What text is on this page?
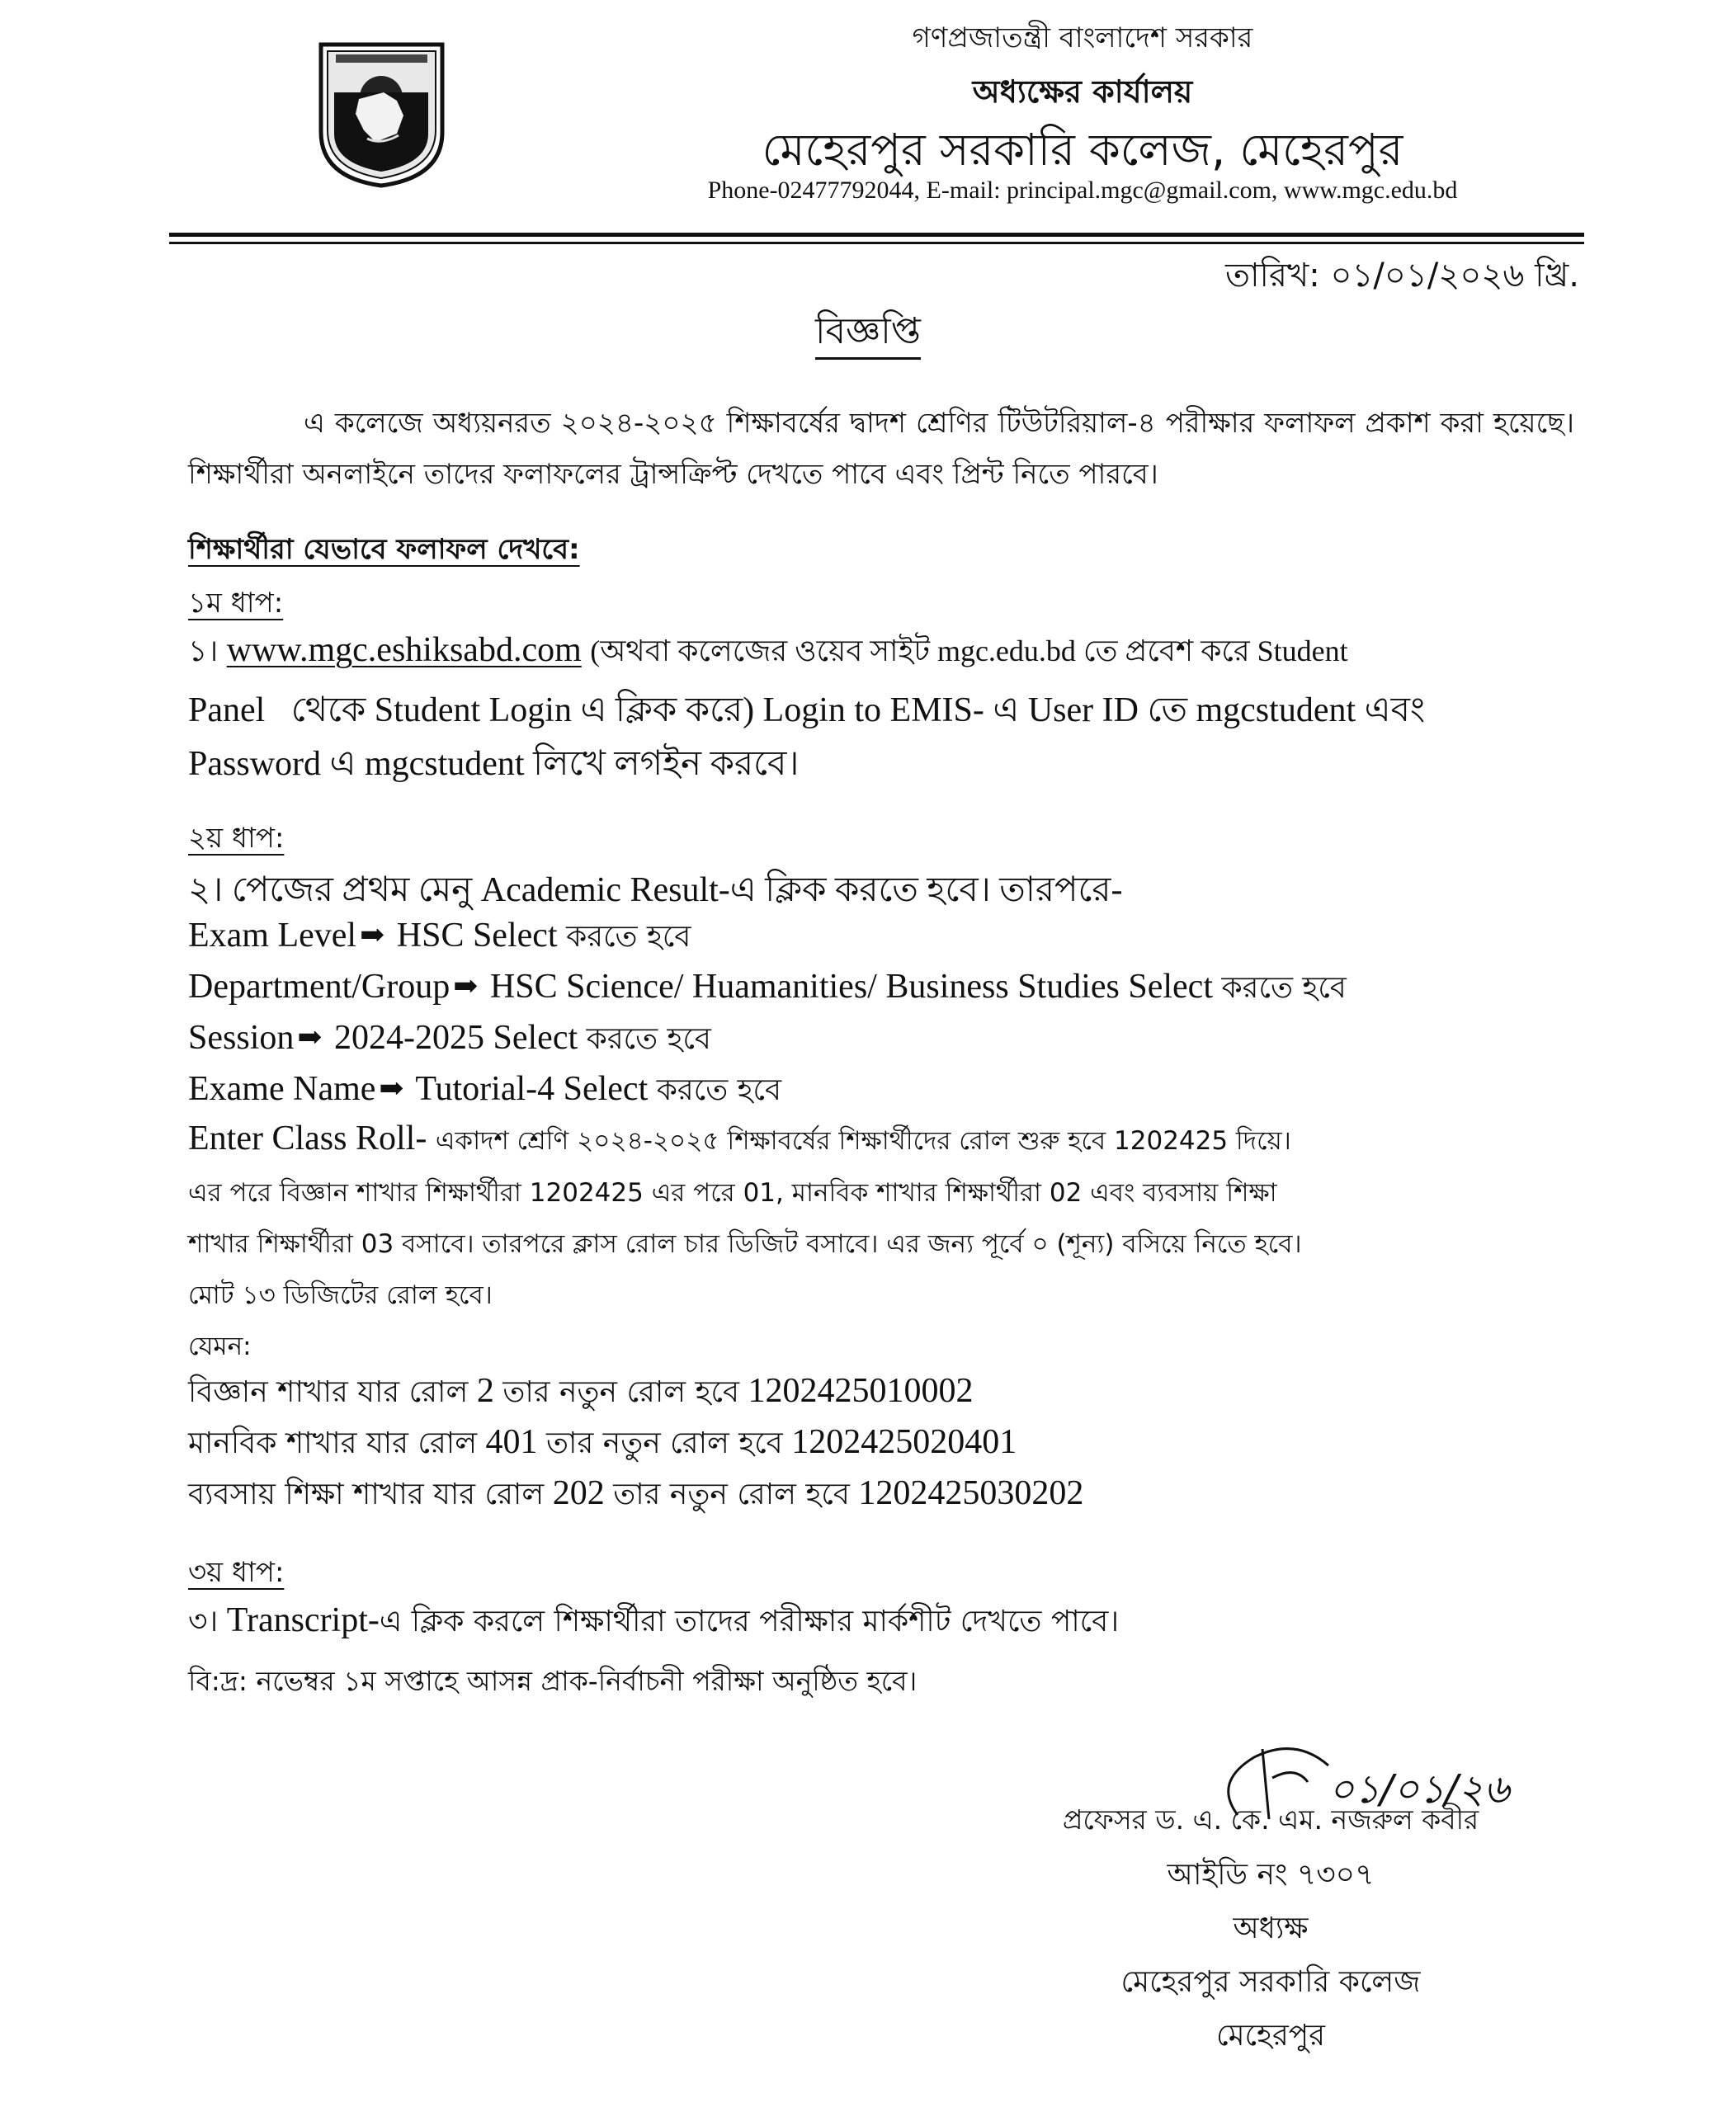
গণপ্রজাতন্ত্রী বাংলাদেশ সরকার
অধ্যক্ষের কার্যালয়
মেহেরপুর সরকারি কলেজ, মেহেরপুর
Phone-02477792044, E-mail: principal.mgc@gmail.com, www.mgc.edu.bd
তারিখ: ০১/০১/২০২৬ খ্রি.
বিজ্ঞপ্তি
এ কলেজে অধ্যয়নরত ২০২৪-২০২৫ শিক্ষাবর্ষের দ্বাদশ শ্রেণির টিউটরিয়াল-৪ পরীক্ষার ফলাফল প্রকাশ করা হয়েছে। শিক্ষার্থীরা অনলাইনে তাদের ফলাফলের ট্রান্সক্রিপ্ট দেখতে পাবে এবং প্রিন্ট নিতে পারবে।
শিক্ষার্থীরা যেভাবে ফলাফল দেখবে:
১ম ধাপ:
১। www.mgc.eshiksabd.com (অথবা কলেজের ওয়েব সাইট mgc.edu.bd তে প্রবেশ করে Student
Panel   থেকে Student Login এ ক্লিক করে) Login to EMIS- এ User ID তে mgcstudent এবং
Password এ mgcstudent লিখে লগইন করবে।
২য় ধাপ:
২। পেজের প্রথম মেনু Academic Result-এ ক্লিক করতে হবে। তারপরে-
Exam Level ➡ HSC Select করতে হবে
Department/Group ➡ HSC Science/ Huamanities/ Business Studies Select করতে হবে
Session ➡ 2024-2025 Select করতে হবে
Exame Name ➡ Tutorial-4 Select করতে হবে
Enter Class Roll- একাদশ শ্রেণি ২০২৪-২০২৫ শিক্ষাবর্ষের শিক্ষার্থীদের রোল শুরু হবে 1202425 দিয়ে।
এর পরে বিজ্ঞান শাখার শিক্ষার্থীরা 1202425 এর পরে 01, মানবিক শাখার শিক্ষার্থীরা 02 এবং ব্যবসায় শিক্ষা
শাখার শিক্ষার্থীরা 03 বসাবে। তারপরে ক্লাস রোল চার ডিজিট বসাবে। এর জন্য পূর্বে ০ (শূন্য) বসিয়ে নিতে হবে।
মোট ১৩ ডিজিটের রোল হবে।
যেমন:
বিজ্ঞান শাখার যার রোল 2 তার নতুন রোল হবে 1202425010002
মানবিক শাখার যার রোল 401 তার নতুন রোল হবে 1202425020401
ব্যবসায় শিক্ষা শাখার যার রোল 202 তার নতুন রোল হবে 1202425030202
৩য় ধাপ:
৩। Transcript-এ ক্লিক করলে শিক্ষার্থীরা তাদের পরীক্ষার মার্কশীট দেখতে পাবে।
বি:দ্র: নভেম্বর ১ম সপ্তাহে আসন্ন প্রাক-নির্বাচনী পরীক্ষা অনুষ্ঠিত হবে।
০১/০১/২৬
প্রফেসর ড. এ. কে. এম. নজরুল কবীর
আইডি নং ৭৩০৭
অধ্যক্ষ
মেহেরপুর সরকারি কলেজ
মেহেরপুর
